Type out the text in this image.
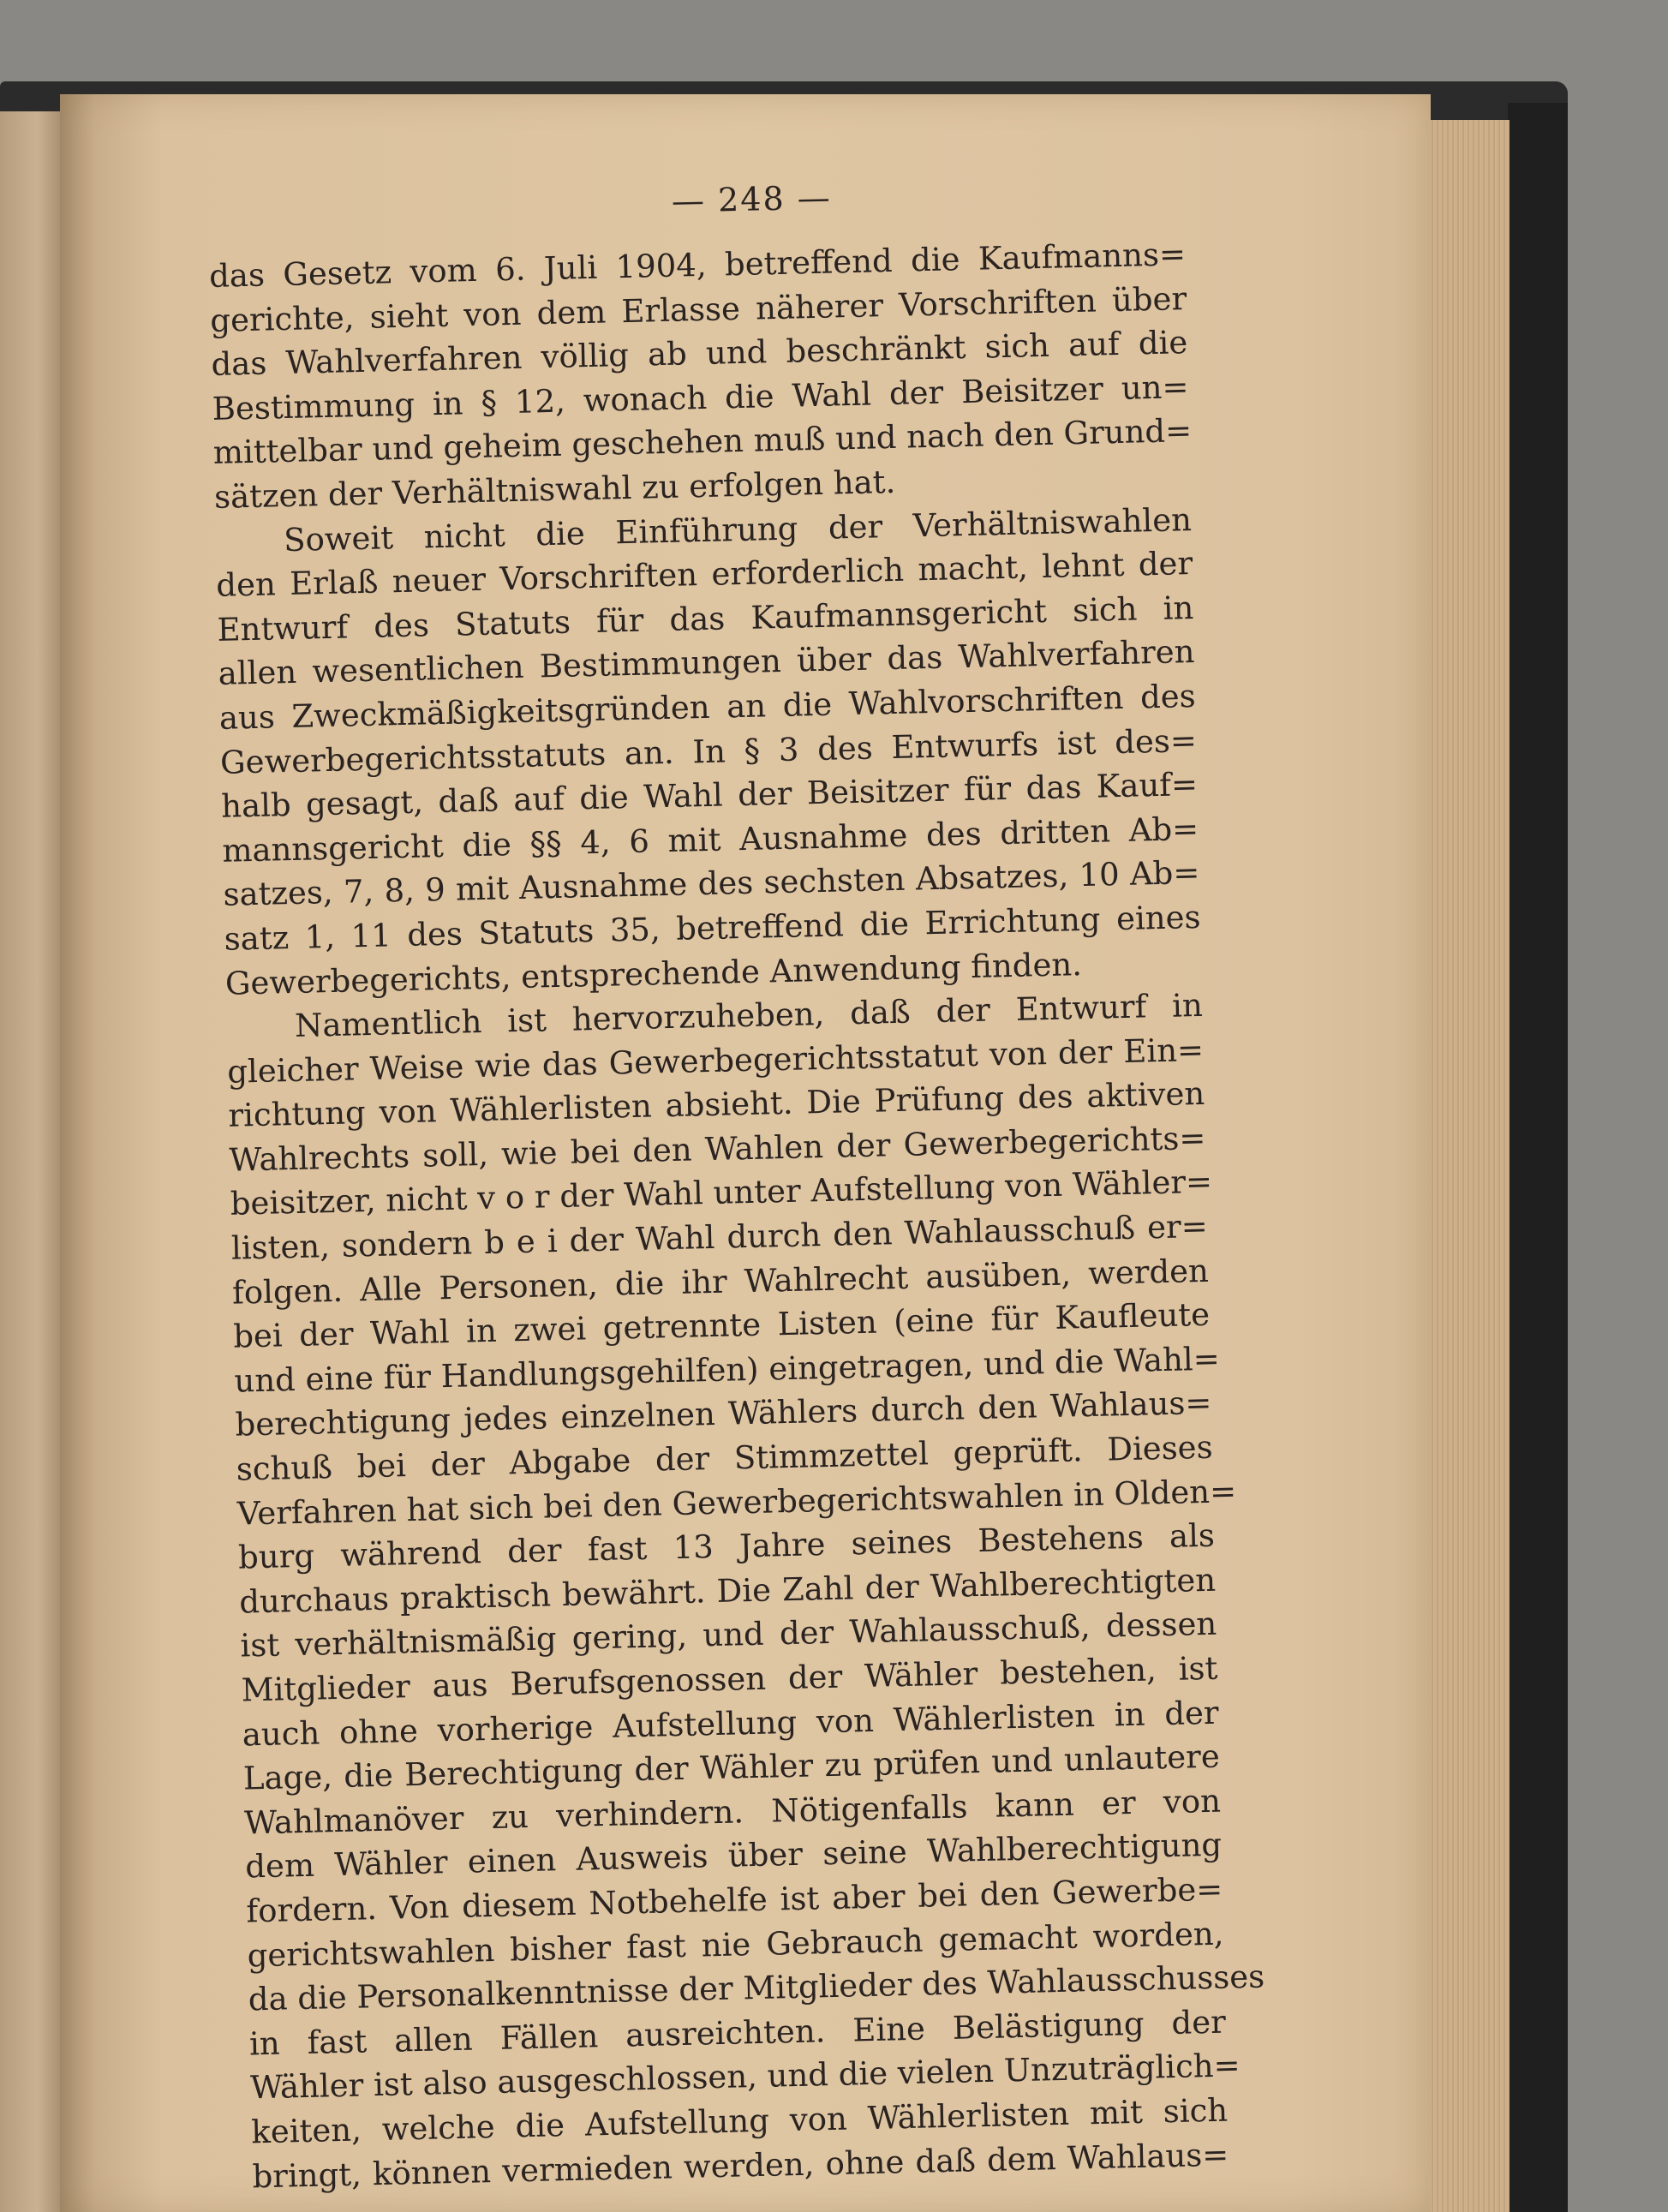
— 248 —
das Gesetz vom 6. Juli 1904, betreffend die Kaufmanns=
gerichte, sieht von dem Erlasse näherer Vorschriften über
das Wahlverfahren völlig ab und beschränkt sich auf die
Bestimmung in § 12, wonach die Wahl der Beisitzer un=
mittelbar und geheim geschehen muß und nach den Grund=
sätzen der Verhältniswahl zu erfolgen hat.
Soweit nicht die Einführung der Verhältniswahlen
den Erlaß neuer Vorschriften erforderlich macht, lehnt der
Entwurf des Statuts für das Kaufmannsgericht sich in
allen wesentlichen Bestimmungen über das Wahlverfahren
aus Zweckmäßigkeitsgründen an die Wahlvorschriften des
Gewerbegerichtsstatuts an. In § 3 des Entwurfs ist des=
halb gesagt, daß auf die Wahl der Beisitzer für das Kauf=
mannsgericht die §§ 4, 6 mit Ausnahme des dritten Ab=
satzes, 7, 8, 9 mit Ausnahme des sechsten Absatzes, 10 Ab=
satz 1, 11 des Statuts 35, betreffend die Errichtung eines
Gewerbegerichts, entsprechende Anwendung finden.
Namentlich ist hervorzuheben, daß der Entwurf in
gleicher Weise wie das Gewerbegerichtsstatut von der Ein=
richtung von Wählerlisten absieht. Die Prüfung des aktiven
Wahlrechts soll, wie bei den Wahlen der Gewerbegerichts=
beisitzer, nicht v o r der Wahl unter Aufstellung von Wähler=
listen, sondern b e i der Wahl durch den Wahlausschuß er=
folgen. Alle Personen, die ihr Wahlrecht ausüben, werden
bei der Wahl in zwei getrennte Listen (eine für Kaufleute
und eine für Handlungsgehilfen) eingetragen, und die Wahl=
berechtigung jedes einzelnen Wählers durch den Wahlaus=
schuß bei der Abgabe der Stimmzettel geprüft. Dieses
Verfahren hat sich bei den Gewerbegerichtswahlen in Olden=
burg während der fast 13 Jahre seines Bestehens als
durchaus praktisch bewährt. Die Zahl der Wahlberechtigten
ist verhältnismäßig gering, und der Wahlausschuß, dessen
Mitglieder aus Berufsgenossen der Wähler bestehen, ist
auch ohne vorherige Aufstellung von Wählerlisten in der
Lage, die Berechtigung der Wähler zu prüfen und unlautere
Wahlmanöver zu verhindern. Nötigenfalls kann er von
dem Wähler einen Ausweis über seine Wahlberechtigung
fordern. Von diesem Notbehelfe ist aber bei den Gewerbe=
gerichtswahlen bisher fast nie Gebrauch gemacht worden,
da die Personalkenntnisse der Mitglieder des Wahlausschusses
in fast allen Fällen ausreichten. Eine Belästigung der
Wähler ist also ausgeschlossen, und die vielen Unzuträglich=
keiten, welche die Aufstellung von Wählerlisten mit sich
bringt, können vermieden werden, ohne daß dem Wahlaus=
